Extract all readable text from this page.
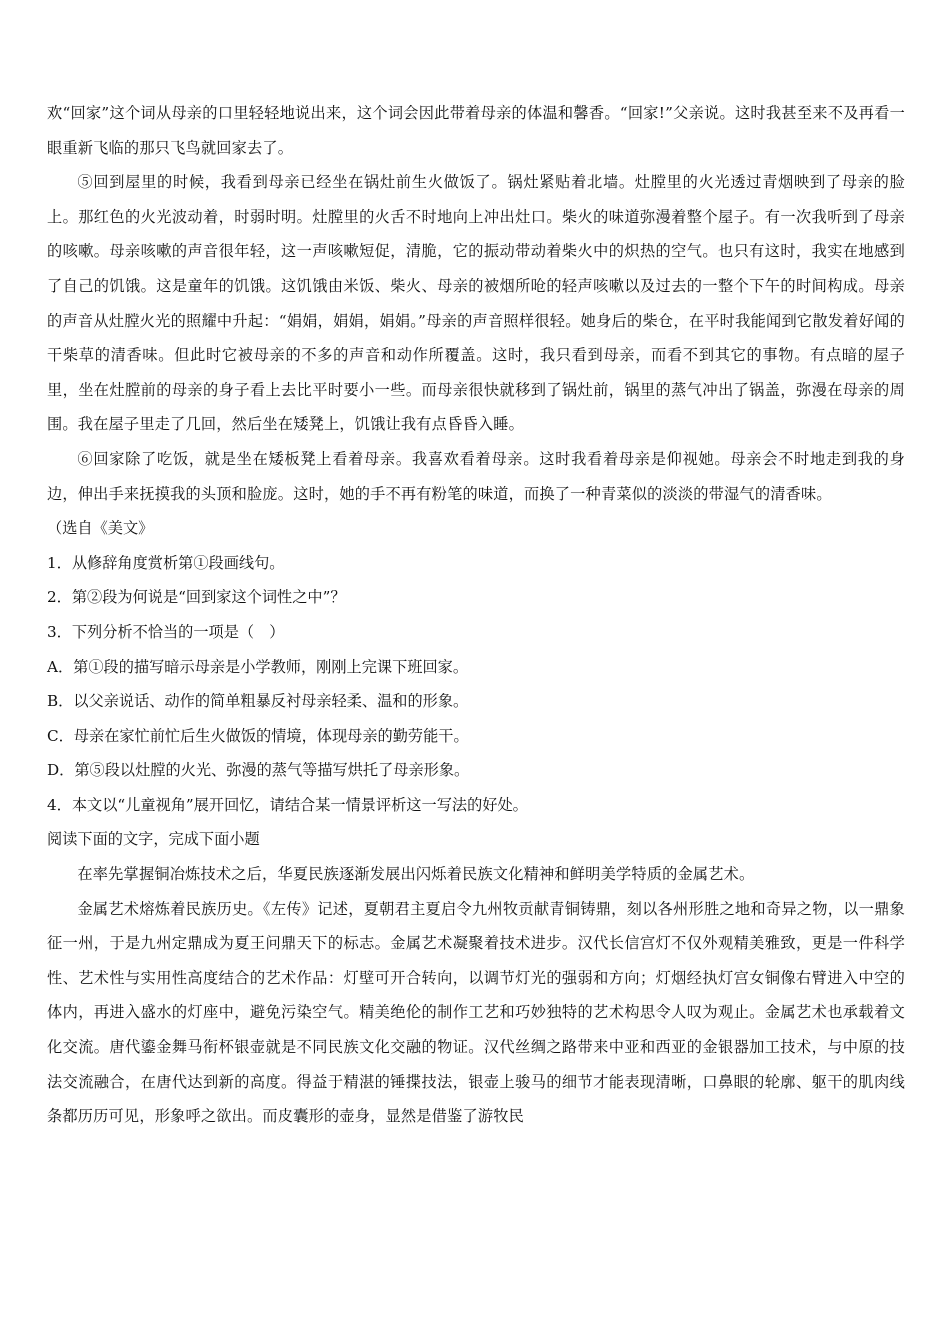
欢“回家”这个词从母亲的口里轻轻地说出来，这个词会因此带着母亲的体温和馨香。“回家!”父亲说。这时我甚至来不及再看一眼重新飞临的那只飞鸟就回家去了。

⑤回到屋里的时候，我看到母亲已经坐在锅灶前生火做饭了。锅灶紧贴着北墙。灶膛里的火光透过青烟映到了母亲的脸上。那红色的火光波动着，时弱时明。灶膛里的火舌不时地向上冲出灶口。柴火的味道弥漫着整个屋子。有一次我听到了母亲的咳嗽。母亲咳嗽的声音很年轻，这一声咳嗽短促，清脆，它的振动带动着柴火中的炽热的空气。也只有这时，我实在地感到了自己的饥饿。这是童年的饥饿。这饥饿由米饭、柴火、母亲的被烟所呛的轻声咳嗽以及过去的一整个下午的时间构成。母亲的声音从灶膛火光的照耀中升起：“娟娟，娟娟，娟娟。”母亲的声音照样很轻。她身后的柴仓，在平时我能闻到它散发着好闻的干柴草的清香味。但此时它被母亲的不多的声音和动作所覆盖。这时，我只看到母亲，而看不到其它的事物。有点暗的屋子里，坐在灶膛前的母亲的身子看上去比平时要小一些。而母亲很快就移到了锅灶前，锅里的蒸气冲出了锅盖，弥漫在母亲的周围。我在屋子里走了几回，然后坐在矮凳上，饥饿让我有点昏昏入睡。

⑥回家除了吃饭，就是坐在矮板凳上看着母亲。我喜欢看着母亲。这时我看着母亲是仰视她。母亲会不时地走到我的身边，伸出手来抚摸我的头顶和脸庞。这时，她的手不再有粉笔的味道，而换了一种青菜似的淡淡的带湿气的清香味。

（选自《美文》

1．从修辞角度赏析第①段画线句。

2．第②段为何说是“回到家这个词性之中”？

3．下列分析不恰当的一项是（　）

A．第①段的描写暗示母亲是小学教师，刚刚上完课下班回家。

B．以父亲说话、动作的简单粗暴反衬母亲轻柔、温和的形象。

C．母亲在家忙前忙后生火做饭的情境，体现母亲的勤劳能干。

D．第⑤段以灶膛的火光、弥漫的蒸气等描写烘托了母亲形象。

4．本文以“儿童视角”展开回忆，请结合某一情景评析这一写法的好处。

阅读下面的文字，完成下面小题

在率先掌握铜冶炼技术之后，华夏民族逐渐发展出闪烁着民族文化精神和鲜明美学特质的金属艺术。

金属艺术熔炼着民族历史。《左传》记述，夏朝君主夏启令九州牧贡献青铜铸鼎，刻以各州形胜之地和奇异之物，以一鼎象征一州，于是九州定鼎成为夏王问鼎天下的标志。金属艺术凝聚着技术进步。汉代长信宫灯不仅外观精美雅致，更是一件科学性、艺术性与实用性高度结合的艺术作品：灯壁可开合转向，以调节灯光的强弱和方向；灯烟经执灯宫女铜像右臂进入中空的体内，再进入盛水的灯座中，避免污染空气。精美绝伦的制作工艺和巧妙独特的艺术构思令人叹为观止。金属艺术也承载着文化交流。唐代鎏金舞马衔杯银壶就是不同民族文化交融的物证。汉代丝绸之路带来中亚和西亚的金银器加工技术，与中原的技法交流融合，在唐代达到新的高度。得益于精湛的锤揲技法，银壶上骏马的细节才能表现清晰，口鼻眼的轮廓、躯干的肌肉线条都历历可见，形象呼之欲出。而皮囊形的壶身，显然是借鉴了游牧民
